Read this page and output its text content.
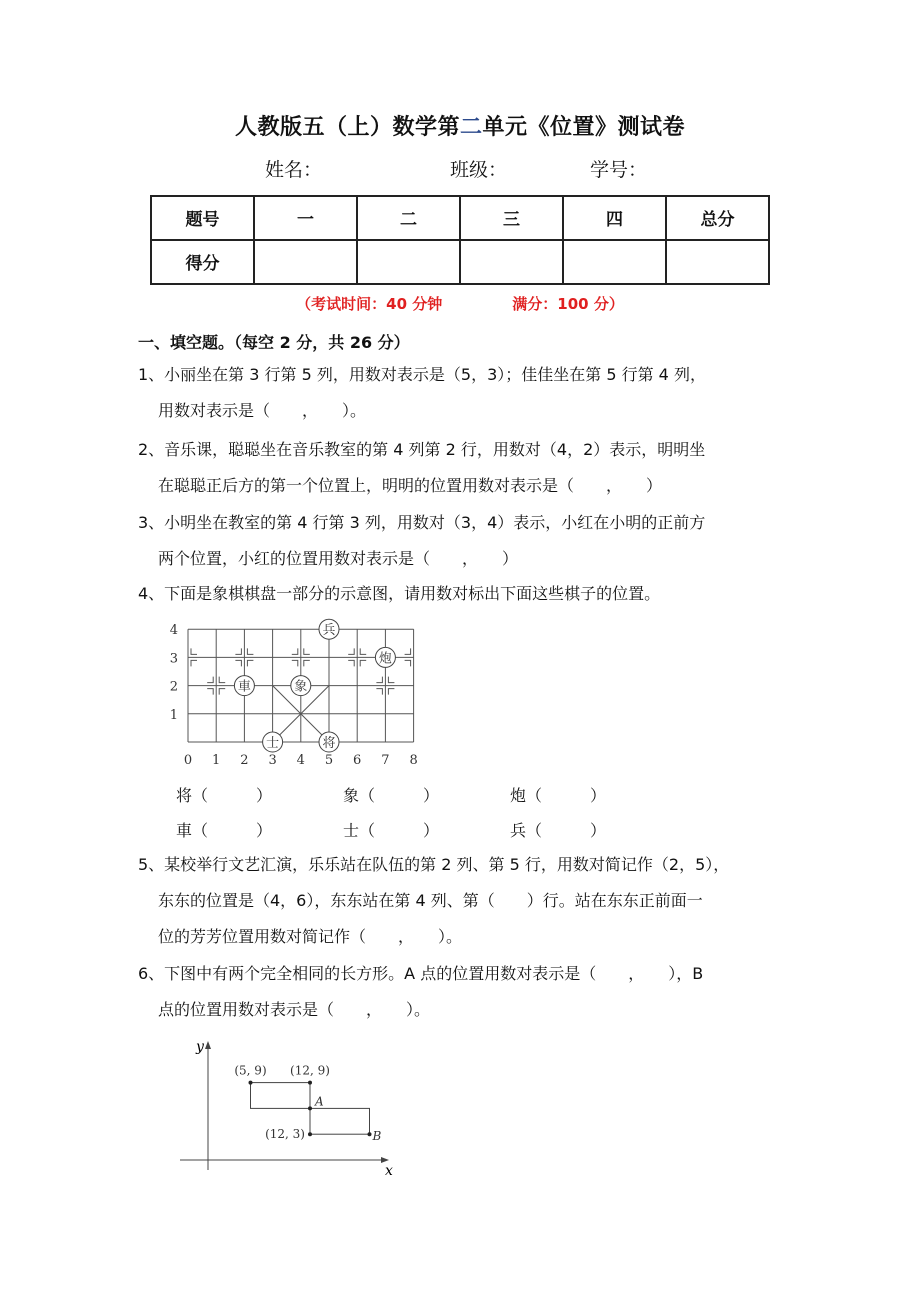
人教版五（上）数学第二单元《位置》测试卷
姓名：	班级：	学号：
题号	一	二	三	四	总分
得分					
（考试时间：40 分钟	满分：100 分）
一、填空题。（每空 2 分，共 26 分）
1、小丽坐在第 3 行第 5 列，用数对表示是（5，3）；佳佳坐在第 5 行第 4 列，
用数对表示是（　　，　　）。
2、音乐课，聪聪坐在音乐教室的第 4 列第 2 行，用数对（4，2）表示，明明坐
在聪聪正后方的第一个位置上，明明的位置用数对表示是（　　，　　）
3、小明坐在教室的第 4 行第 3 列，用数对（3，4）表示，小红在小明的正前方
两个位置，小红的位置用数对表示是（　　，　　）
4、下面是象棋棋盘一部分的示意图，请用数对标出下面这些棋子的位置。
0 1 2 3 4 5 6 7 8
1
2
3
4	兵
炮
車	象
士	将
将（	）	象（	）	炮（	）
車（	）	士（	）	兵（	）
5、某校举行文艺汇演，乐乐站在队伍的第 2 列、第 5 行，用数对简记作（2，5），
东东的位置是（4，6），东东站在第 4 列、第（　　）行。站在东东正前面一
位的芳芳位置用数对简记作（　　，　　）。
6、下图中有两个完全相同的长方形。A 点的位置用数对表示是（　　，　　），B
点的位置用数对表示是（　　，　　）。
y
x
(5, 9) (12, 9)
(12, 3)
A
B
